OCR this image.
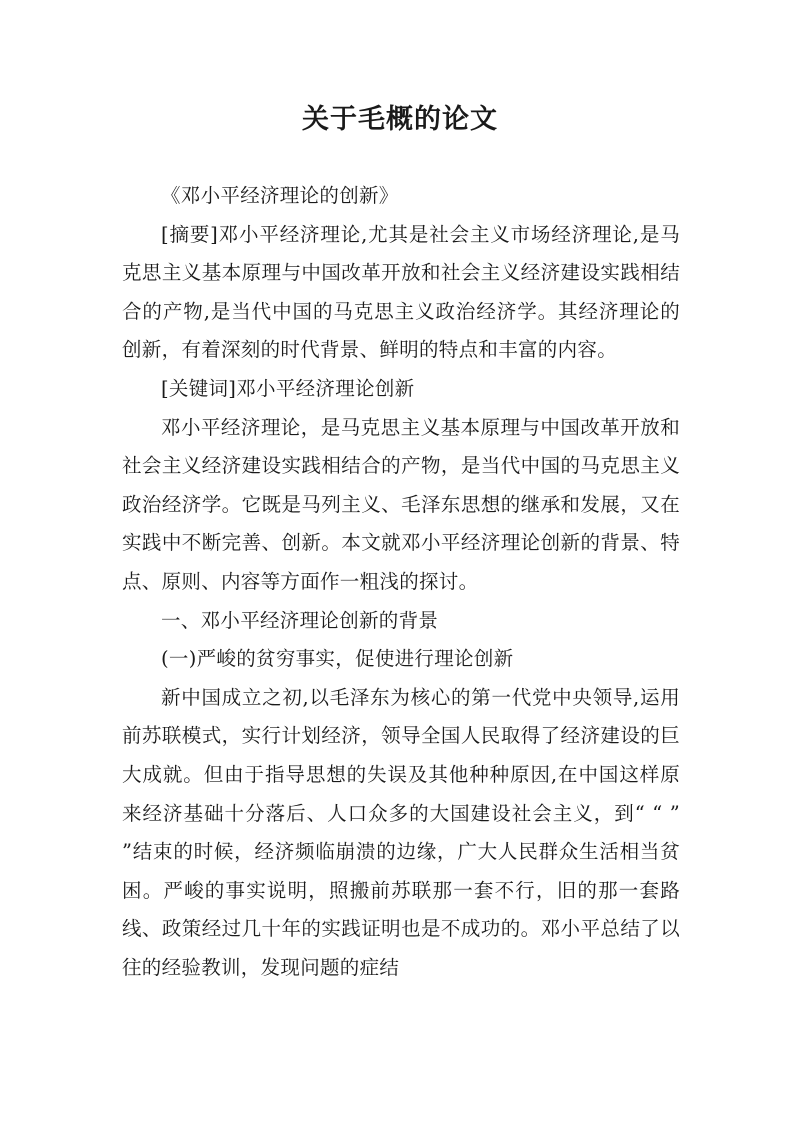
关于毛概的论文

《邓小平经济理论的创新》

[摘要]邓小平经济理论,尤其是社会主义市场经济理论,是马克思主义基本原理与中国改革开放和社会主义经济建设实践相结合的产物,是当代中国的马克思主义政治经济学。其经济理论的创新，有着深刻的时代背景、鲜明的特点和丰富的内容。

[关键词]邓小平经济理论创新

邓小平经济理论，是马克思主义基本原理与中国改革开放和社会主义经济建设实践相结合的产物，是当代中国的马克思主义政治经济学。它既是马列主义、毛泽东思想的继承和发展，又在实践中不断完善、创新。本文就邓小平经济理论创新的背景、特点、原则、内容等方面作一粗浅的探讨。

一、邓小平经济理论创新的背景

(一)严峻的贫穷事实，促使进行理论创新

新中国成立之初,以毛泽东为核心的第一代党中央领导,运用前苏联模式，实行计划经济，领导全国人民取得了经济建设的巨大成就。但由于指导思想的失误及其他种种原因,在中国这样原来经济基础十分落后、人口众多的大国建设社会主义，到“ “ ” ”结束的时候，经济频临崩溃的边缘，广大人民群众生活相当贫困。严峻的事实说明，照搬前苏联那一套不行，旧的那一套路线、政策经过几十年的实践证明也是不成功的。邓小平总结了以往的经验教训，发现问题的症结
